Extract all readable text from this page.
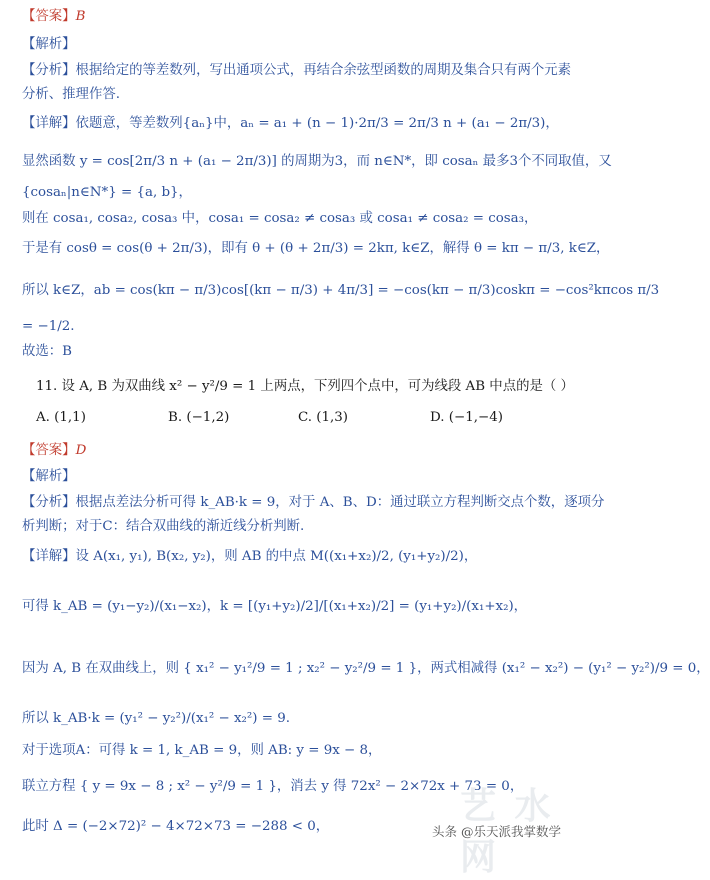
【答案】B
【解析】
【分析】根据给定的等差数列，写出通项公式，再结合余弦型函数的周期及集合只有两个元素
分析、推理作答.
【详解】依题意，等差数列{aₙ}中，aₙ = a₁ + (n − 1)·2π/3 = 2π/3 n + (a₁ − 2π/3)，
显然函数 y = cos[2π/3 n + (a₁ − 2π/3)] 的周期为3，而 n∈N*，即 cosaₙ 最多3个不同取值，又
{cosaₙ|n∈N*} = {a, b}，
则在 cosa₁, cosa₂, cosa₃ 中，cosa₁ = cosa₂ ≠ cosa₃ 或 cosa₁ ≠ cosa₂ = cosa₃，
于是有 cosθ = cos(θ + 2π/3)，即有 θ + (θ + 2π/3) = 2kπ, k∈Z，解得 θ = kπ − π/3, k∈Z，
所以 k∈Z，ab = cos(kπ − π/3)cos[(kπ − π/3) + 4π/3] = −cos(kπ − π/3)coskπ = −cos²kπcos π/3
= −1/2.
故选：B
11. 设 A, B 为双曲线 x² − y²/9 = 1 上两点，下列四个点中，可为线段 AB 中点的是（ ）
【答案】D
【解析】
【分析】根据点差法分析可得 k_AB·k = 9，对于 A、B、D：通过联立方程判断交点个数，逐项分
析判断；对于C：结合双曲线的渐近线分析判断.
【详解】设 A(x₁, y₁), B(x₂, y₂)，则 AB 的中点 M((x₁+x₂)/2, (y₁+y₂)/2)，
可得 k_AB = (y₁−y₂)/(x₁−x₂)，k = [(y₁+y₂)/2]/[(x₁+x₂)/2] = (y₁+y₂)/(x₁+x₂)，
因为 A, B 在双曲线上，则 { x₁² − y₁²/9 = 1 ; x₂² − y₂²/9 = 1 }，两式相减得 (x₁² − x₂²) − (y₁² − y₂²)/9 = 0，
所以 k_AB·k = (y₁² − y₂²)/(x₁² − x₂²) = 9.
对于选项A：可得 k = 1, k_AB = 9，则 AB: y = 9x − 8，
联立方程 { y = 9x − 8 ; x² − y²/9 = 1 }，消去 y 得 72x² − 2×72x + 73 = 0，
此时 Δ = (−2×72)² − 4×72×73 = −288 < 0，
A. (1,1)	B. (−1,2)	C. (1,3)	D. (−1,−4)
艺 水 网
头条 @乐天派我掌数学
